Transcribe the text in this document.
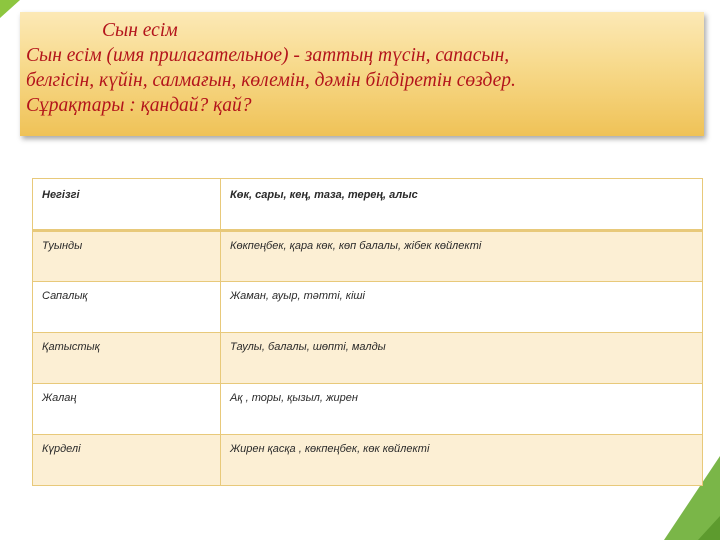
Сын есім
Сын есім (имя прилагательное) - заттың түсін, сапасын,
белгісін, күйін, салмағын, көлемін, дәмін білдіретін сөздер.
Сұрақтары : қандай? қай?
Негізгі	Көк, сары, кең, таза, терең, алыс
Туынды	Көкпеңбек, қара көк, көп балалы, жібек көйлекті
Сапалық	Жаман, ауыр, тәтті, кіші
Қатыстық	Таулы, балалы, шөпті, малды
Жалаң	Ақ , торы, қызыл, жирен
Күрделі	Жирен қасқа , көкпеңбек, көк көйлекті
